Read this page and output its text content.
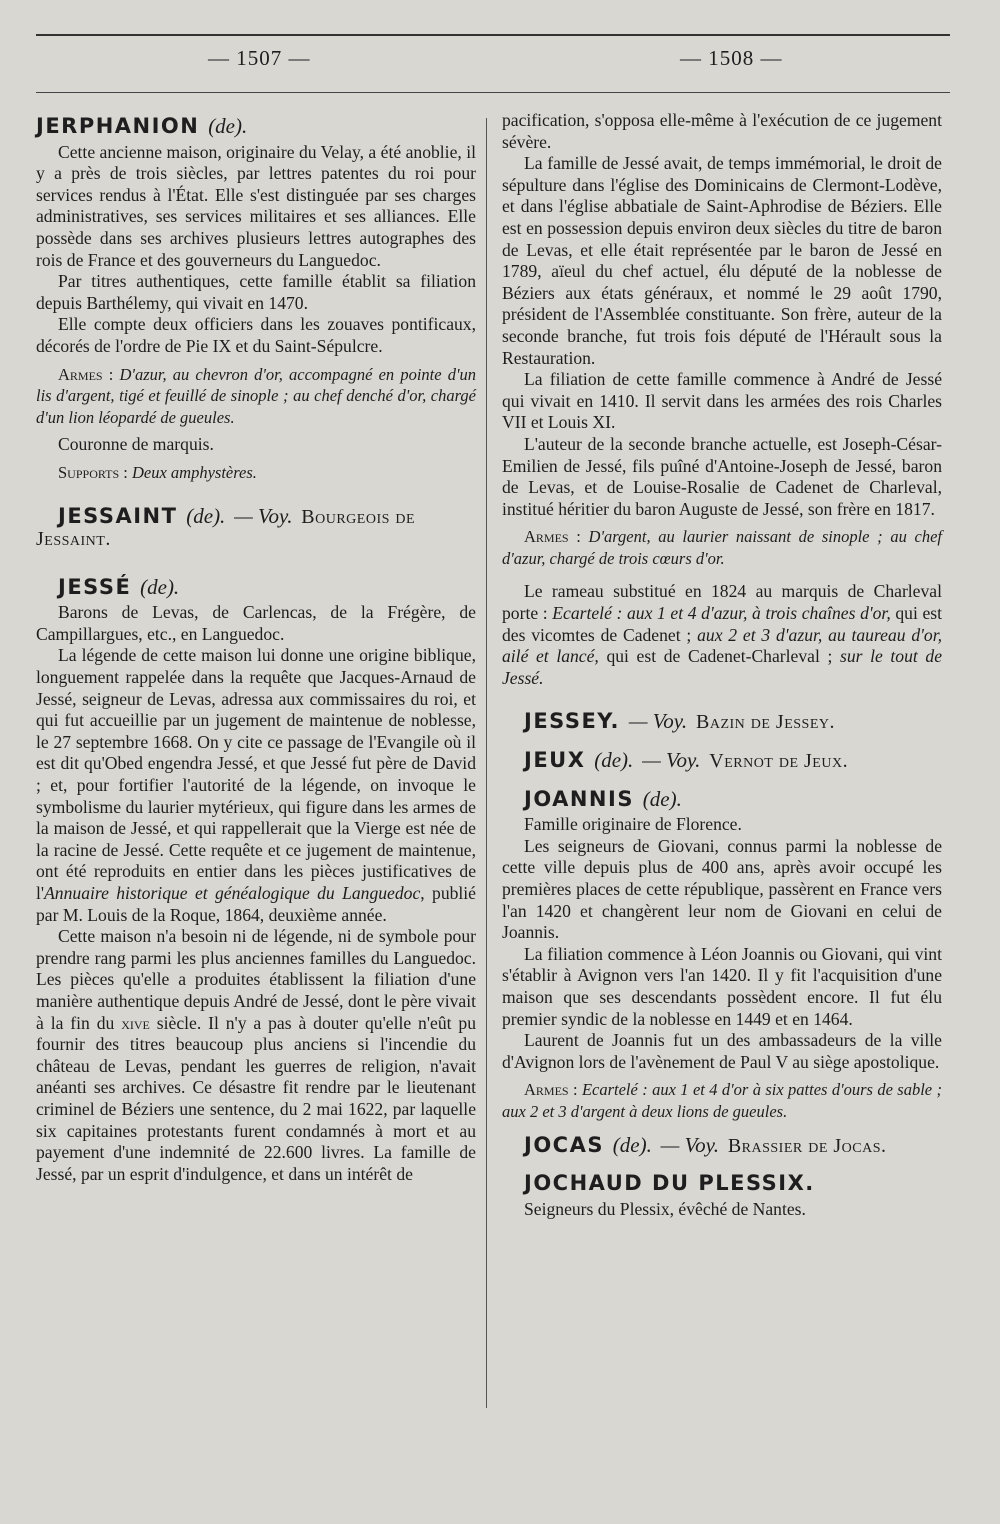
— 1507 —	— 1508 —
JERPHANION (de).

Cette ancienne maison, originaire du Velay, a été anoblie, il y a près de trois siècles, par lettres patentes du roi pour services rendus à l'État. Elle s'est distinguée par ses charges administratives, ses services militaires et ses alliances. Elle possède dans ses archives plusieurs lettres autographes des rois de France et des gouverneurs du Languedoc.

Par titres authentiques, cette famille établit sa filiation depuis Barthélemy, qui vivait en 1470.

Elle compte deux officiers dans les zouaves pontificaux, décorés de l'ordre de Pie IX et du Saint-Sépulcre.

Armes : D'azur, au chevron d'or, accompagné en pointe d'un lis d'argent, tigé et feuillé de sinople ; au chef denché d'or, chargé d'un lion léopardé de gueules.

Couronne de marquis.

Supports : Deux amphystères.

JESSAINT (de). — Voy. Bourgeois de Jessaint.
JESSÉ (de).

Barons de Levas, de Carlencas, de la Frégère, de Campillargues, etc., en Languedoc.

La légende de cette maison lui donne une origine biblique, longuement rappelée dans la requête que Jacques-Arnaud de Jessé, seigneur de Levas, adressa aux commissaires du roi, et qui fut accueillie par un jugement de maintenue de noblesse, le 27 septembre 1668. On y cite ce passage de l'Evangile où il est dit qu'Obed engendra Jessé, et que Jessé fut père de David ; et, pour fortifier l'autorité de la légende, on invoque le symbolisme du laurier mytérieux, qui figure dans les armes de la maison de Jessé, et qui rappellerait que la Vierge est née de la racine de Jessé. Cette requête et ce jugement de maintenue, ont été reproduits en entier dans les pièces justificatives de l'Annuaire historique et généalogique du Languedoc, publié par M. Louis de la Roque, 1864, deuxième année.

Cette maison n'a besoin ni de légende, ni de symbole pour prendre rang parmi les plus anciennes familles du Languedoc. Les pièces qu'elle a produites établissent la filiation d'une manière authentique depuis André de Jessé, dont le père vivait à la fin du xive siècle. Il n'y a pas à douter qu'elle n'eût pu fournir des titres beaucoup plus anciens si l'incendie du château de Levas, pendant les guerres de religion, n'avait anéanti ses archives. Ce désastre fit rendre par le lieutenant criminel de Béziers une sentence, du 2 mai 1622, par laquelle six capitaines protestants furent condamnés à mort et au payement d'une indemnité de 22.600 livres. La famille de Jessé, par un esprit d'indulgence, et dans un intérêt de

pacification, s'opposa elle-même à l'exécution de ce jugement sévère.

La famille de Jessé avait, de temps immémorial, le droit de sépulture dans l'église des Dominicains de Clermont-Lodève, et dans l'église abbatiale de Saint-Aphrodise de Béziers. Elle est en possession depuis environ deux siècles du titre de baron de Levas, et elle était représentée par le baron de Jessé en 1789, aïeul du chef actuel, élu député de la noblesse de Béziers aux états généraux, et nommé le 29 août 1790, président de l'Assemblée constituante. Son frère, auteur de la seconde branche, fut trois fois député de l'Hérault sous la Restauration.

La filiation de cette famille commence à André de Jessé qui vivait en 1410. Il servit dans les armées des rois Charles VII et Louis XI.

L'auteur de la seconde branche actuelle, est Joseph-César-Emilien de Jessé, fils puîné d'Antoine-Joseph de Jessé, baron de Levas, et de Louise-Rosalie de Cadenet de Charleval, institué héritier du baron Auguste de Jessé, son frère en 1817.

Armes : D'argent, au laurier naissant de sinople ; au chef d'azur, chargé de trois cœurs d'or.

Le rameau substitué en 1824 au marquis de Charleval porte : Ecartelé : aux 1 et 4 d'azur, à trois chaînes d'or, qui est des vicomtes de Cadenet ; aux 2 et 3 d'azur, au taureau d'or, ailé et lancé, qui est de Cadenet-Charleval ; sur le tout de Jessé.

JESSEY. — Voy. Bazin de Jessey.
JEUX (de). — Voy. Vernot de Jeux.
JOANNIS (de).

Famille originaire de Florence.

Les seigneurs de Giovani, connus parmi la noblesse de cette ville depuis plus de 400 ans, après avoir occupé les premières places de cette république, passèrent en France vers l'an 1420 et changèrent leur nom de Giovani en celui de Joannis.

La filiation commence à Léon Joannis ou Giovani, qui vint s'établir à Avignon vers l'an 1420. Il y fit l'acquisition d'une maison que ses descendants possèdent encore. Il fut élu premier syndic de la noblesse en 1449 et en 1464.

Laurent de Joannis fut un des ambassadeurs de la ville d'Avignon lors de l'avènement de Paul V au siège apostolique.

Armes : Ecartelé : aux 1 et 4 d'or à six pattes d'ours de sable ; aux 2 et 3 d'argent à deux lions de gueules.

JOCAS (de). — Voy. Brassier de Jocas.
JOCHAUD DU PLESSIX.

Seigneurs du Plessix, évêché de Nantes.
